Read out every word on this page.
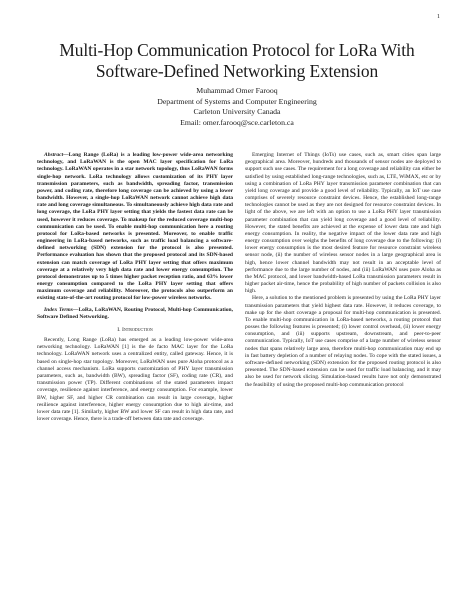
1
Multi-Hop Communication Protocol for LoRa With
Software-Defined Networking Extension
Muhammad Omer Farooq
Department of Systems and Computer Engineering
Carleton University Canada
Email: omer.farooq@sce.carleton.ca

Abstract—Long Range (LoRa) is a leading low-power wide-area networking technology, and LoRaWAN is the open MAC layer specification for LoRa technology. LoRaWAN operates in a star network topology, thus LoRaWAN forms single-hop network. LoRa technology allows customization of its PHY layer transmission parameters, such as bandwidth, spreading factor, transmission power, and coding rate, therefore long coverage can be achieved by using a lower bandwidth. However, a single-hop LoRaWAN network cannot achieve high data rate and long coverage simultaneous. To simultaneously achieve high data rate and long coverage, the LoRa PHY layer setting that yields the fastest data rate can be used, however it reduces coverage. To makeup for the reduced coverage multi-hop communication can be used. To enable multi-hop communication here a routing protocol for LoRa-based networks is presented. Moreover, to enable traffic engineering in LoRa-based networks, such as traffic load balancing a software-defined networking (SDN) extension for the protocol is also presented. Performance evaluation has shown that the proposed protocol and its SDN-based extension can match coverage of LoRa PHY layer setting that offers maximum coverage at a relatively very high data rate and lower energy consumption. The protocol demonstrates up to 5 times higher packet reception ratio, and 63% lower energy consumption compared to the LoRa PHY layer setting that offers maximum coverage and reliability. Moreover, the protocols also outperform an existing state-of-the-art routing protocol for low-power wireless networks.

Index Terms—LoRa, LoRaWAN, Routing Protocol, Multi-hop Communication, Software Defined Networking.

I. Introduction

Recently, Long Range (LoRa) has emerged as a leading low-power wide-area networking technology. LoRaWAN [1] is the de facto MAC layer for the LoRa technology. LoRaWAN network uses a centralized entity, called gateway. Hence, it is based on single-hop star topology. Moreover, LoRaWAN uses pure Aloha protocol as a channel access mechanism. LoRa supports customization of PHY layer transmission parameters, such as, bandwidth (BW), spreading factor (SF), coding rate (CR), and transmission power (TP). Different combinations of the stated parameters impact coverage, resilience against interference, and energy consumption. For example, lower BW, higher SF, and higher CR combination can result in large coverage, higher resilience against interference, higher energy consumption due to high air-time, and lower data rate [1]. Similarly, higher BW and lower SF can result in high data rate, and lower coverage. Hence, there is a trade-off between data rate and coverage.

Emerging Internet of Things (IoTs) use cases, such as, smart cities span large geographical area. Moreover, hundreds and thousands of sensor nodes are deployed to support such use cases. The requirement for a long coverage and reliability can either be satisfied by using established long-range technologies, such as, LTE, WiMAX, etc or by using a combination of LoRa PHY layer transmission parameter combination that can yield long coverage and provide a good level of reliability. Typically, an IoT use case comprises of severely resource constraint devices. Hence, the established long-range technologies cannot be used as they are not designed for resource constraint devices. In light of the above, we are left with an option to use a LoRa PHY layer transmission parameter combination that can yield long coverage and a good level of reliability. However, the stated benefits are achieved at the expense of lower data rate and high energy consumption. In reality, the negative impact of the lower data rate and high energy consumption over weighs the benefits of long coverage due to the following: (i) lower energy consumption is the most desired feature for resource constraint wireless sensor node, (ii) the number of wireless sensor nodes in a large geographical area is high, hence lower channel bandwidth may not result in an acceptable level of performance due to the large number of nodes, and (iii) LoRaWAN uses pure Aloha as the MAC protocol, and lower bandwidth-based LoRa transmission parameters result in higher packet air-time, hence the probability of high number of packets collision is also high.

Here, a solution to the mentioned problem is presented by using the LoRa PHY layer transmission parameters that yield highest data rate. However, it reduces coverage, to make up for the short coverage a proposal for multi-hop communication is presented. To enable multi-hop communication in LoRa-based networks, a routing protocol that posses the following features is presented; (i) lower control overhead, (ii) lower energy consumption, and (iii) supports upstream, downstream, and peer-to-peer communication. Typically, IoT use cases comprise of a large number of wireless sensor nodes that spans relatively large area, therefore multi-hop communication may end up in fast battery depletion of a number of relaying nodes. To cope with the stated issues, a software-defined networking (SDN) extension for the proposed routing protocol is also presented. The SDN-based extension can be used for traffic load balancing, and it may also be used for network slicing. Simulation-based results have not only demonstrated the feasibility of using the proposed multi-hop communication protocol
